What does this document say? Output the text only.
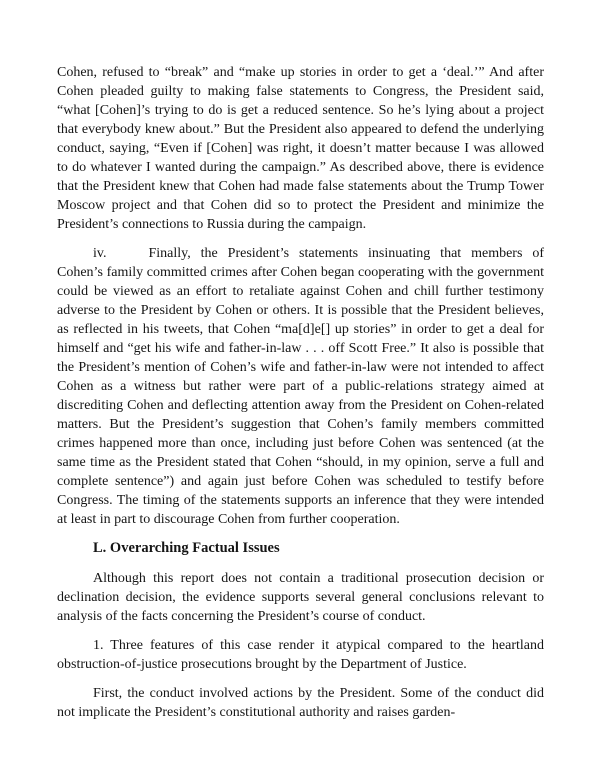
Cohen, refused to “break” and “make up stories in order to get a ‘deal.’” And after Cohen pleaded guilty to making false statements to Congress, the President said, “what [Cohen]’s trying to do is get a reduced sentence. So he’s lying about a project that everybody knew about.” But the President also appeared to defend the underlying conduct, saying, “Even if [Cohen] was right, it doesn’t matter because I was allowed to do whatever I wanted during the campaign.” As described above, there is evidence that the President knew that Cohen had made false statements about the Trump Tower Moscow project and that Cohen did so to protect the President and minimize the President’s connections to Russia during the campaign.

iv.	Finally, the President’s statements insinuating that members of Cohen’s family committed crimes after Cohen began cooperating with the government could be viewed as an effort to retaliate against Cohen and chill further testimony adverse to the President by Cohen or others. It is possible that the President believes, as reflected in his tweets, that Cohen “ma[d]e[] up stories” in order to get a deal for himself and “get his wife and father-in-law . . . off Scott Free.” It also is possible that the President’s mention of Cohen’s wife and father-in-law were not intended to affect Cohen as a witness but rather were part of a public-relations strategy aimed at discrediting Cohen and deflecting attention away from the President on Cohen-related matters. But the President’s suggestion that Cohen’s family members committed crimes happened more than once, including just before Cohen was sentenced (at the same time as the President stated that Cohen “should, in my opinion, serve a full and complete sentence”) and again just before Cohen was scheduled to testify before Congress. The timing of the statements supports an inference that they were intended at least in part to discourage Cohen from further cooperation.

L. Overarching Factual Issues

Although this report does not contain a traditional prosecution decision or declination decision, the evidence supports several general conclusions relevant to analysis of the facts concerning the President’s course of conduct.

1. Three features of this case render it atypical compared to the heartland obstruction-of-justice prosecutions brought by the Department of Justice.

First, the conduct involved actions by the President. Some of the conduct did not implicate the President’s constitutional authority and raises garden-
